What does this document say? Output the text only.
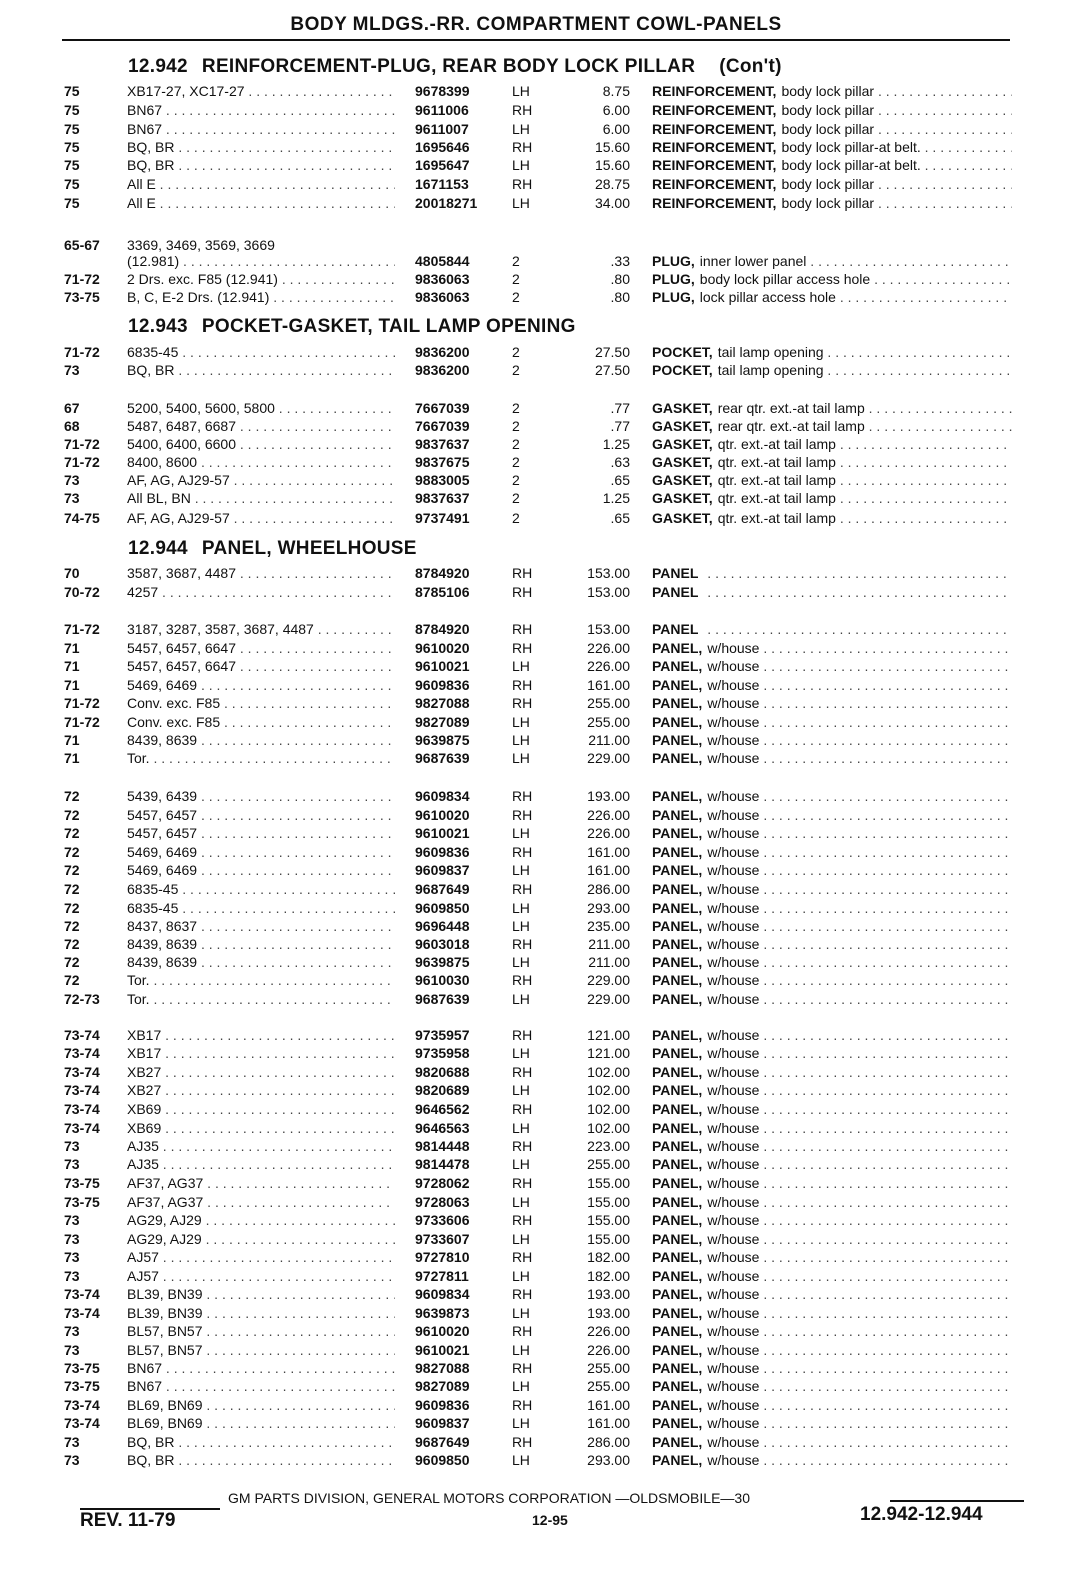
BODY MLDGS.-RR. COMPARTMENT COWL-PANELS
12.942 REINFORCEMENT-PLUG, REAR BODY LOCK PILLAR (Con't)
12.943 POCKET-GASKET, TAIL LAMP OPENING
12.944 PANEL, WHEELHOUSE
75	XB17-27, XC17-27 . . .	9678399	LH	8.75 REINFORCEMENT, body lock pillar . . .
75	BN67 . . .	9611006	RH	6.00 REINFORCEMENT, body lock pillar . . .
75	BN67 . . .	9611007	LH	6.00 REINFORCEMENT, body lock pillar . . .
75	BQ, BR . . .	1695646	RH	15.60 REINFORCEMENT, body lock pillar-at belt. . . .
75	BQ, BR . . .	1695647	LH	15.60 REINFORCEMENT, body lock pillar-at belt. . . .
75	All E . . .	1671153	RH	28.75 REINFORCEMENT, body lock pillar . . .
75	All E . . .	20018271	LH	34.00 REINFORCEMENT, body lock pillar . . .
65-67	3369, 3469, 3569, 3669
(12.981) . . .	4805844	2	.33 PLUG, inner lower panel . . .
71-72	2 Drs. exc. F85 (12.941) . . .	9836063	2	.80 PLUG, body lock pillar access hole . . .
73-75	B, C, E-2 Drs. (12.941) . . .	9836063	2	.80 PLUG, lock pillar access hole . . .
71-72	6835-45 . . .	9836200	2	27.50 POCKET, tail lamp opening . . .
73	BQ, BR . . .	9836200	2	27.50 POCKET, tail lamp opening . . .
67	5200, 5400, 5600, 5800 . . .	7667039	2	.77 GASKET, rear qtr. ext.-at tail lamp . . .
68	5487, 6487, 6687 . . .	7667039	2	.77 GASKET, rear qtr. ext.-at tail lamp . . .
71-72	5400, 6400, 6600 . . .	9837637	2	1.25 GASKET, qtr. ext.-at tail lamp . . .
71-72	8400, 8600 . . .	9837675	2	.63 GASKET, qtr. ext.-at tail lamp . . .
73	AF, AG, AJ29-57 . . .	9883005	2	.65 GASKET, qtr. ext.-at tail lamp . . .
73	All BL, BN . . .	9837637	2	1.25 GASKET, qtr. ext.-at tail lamp . . .
74-75	AF, AG, AJ29-57 . . .	9737491	2	.65 GASKET, qtr. ext.-at tail lamp . . .
70	3587, 3687, 4487 . . .	8784920	RH	153.00 PANEL . . .
70-72	4257 . . .	8785106	RH	153.00 PANEL . . .
71-72	3187, 3287, 3587, 3687, 4487 . . .	8784920	RH	153.00 PANEL . . .
71	5457, 6457, 6647 . . .	9610020	RH	226.00 PANEL, w/house . . .
71	5457, 6457, 6647 . . .	9610021	LH	226.00 PANEL, w/house . . .
71	5469, 6469 . . .	9609836	RH	161.00 PANEL, w/house . . .
71-72	Conv. exc. F85 . . .	9827088	RH	255.00 PANEL, w/house . . .
71-72	Conv. exc. F85 . . .	9827089	LH	255.00 PANEL, w/house . . .
71	8439, 8639 . . .	9639875	LH	211.00 PANEL, w/house . . .
71	Tor. . . .	9687639	LH	229.00 PANEL, w/house . . .
72	5439, 6439 . . .	9609834	RH	193.00 PANEL, w/house . . .
72	5457, 6457 . . .	9610020	RH	226.00 PANEL, w/house . . .
72	5457, 6457 . . .	9610021	LH	226.00 PANEL, w/house . . .
72	5469, 6469 . . .	9609836	RH	161.00 PANEL, w/house . . .
72	5469, 6469 . . .	9609837	LH	161.00 PANEL, w/house . . .
72	6835-45 . . .	9687649	RH	286.00 PANEL, w/house . . .
72	6835-45 . . .	9609850	LH	293.00 PANEL, w/house . . .
72	8437, 8637 . . .	9696448	LH	235.00 PANEL, w/house . . .
72	8439, 8639 . . .	9603018	RH	211.00 PANEL, w/house . . .
72	8439, 8639 . . .	9639875	LH	211.00 PANEL, w/house . . .
72	Tor. . . .	9610030	RH	229.00 PANEL, w/house . . .
72-73	Tor. . . .	9687639	LH	229.00 PANEL, w/house . . .
73-74	XB17 . . .	9735957	RH	121.00 PANEL, w/house . . .
73-74	XB17 . . .	9735958	LH	121.00 PANEL, w/house . . .
73-74	XB27 . . .	9820688	RH	102.00 PANEL, w/house . . .
73-74	XB27 . . .	9820689	LH	102.00 PANEL, w/house . . .
73-74	XB69 . . .	9646562	RH	102.00 PANEL, w/house . . .
73-74	XB69 . . .	9646563	LH	102.00 PANEL, w/house . . .
73	AJ35 . . .	9814448	RH	223.00 PANEL, w/house . . .
73	AJ35 . . .	9814478	LH	255.00 PANEL, w/house . . .
73-75	AF37, AG37 . . .	9728062	RH	155.00 PANEL, w/house . . .
73-75	AF37, AG37 . . .	9728063	LH	155.00 PANEL, w/house . . .
73	AG29, AJ29 . . .	9733606	RH	155.00 PANEL, w/house . . .
73	AG29, AJ29 . . .	9733607	LH	155.00 PANEL, w/house . . .
73	AJ57 . . .	9727810	RH	182.00 PANEL, w/house . . .
73	AJ57 . . .	9727811	LH	182.00 PANEL, w/house . . .
73-74	BL39, BN39 . . .	9609834	RH	193.00 PANEL, w/house . . .
73-74	BL39, BN39 . . .	9639873	LH	193.00 PANEL, w/house . . .
73	BL57, BN57 . . .	9610020	RH	226.00 PANEL, w/house . . .
73	BL57, BN57 . . .	9610021	LH	226.00 PANEL, w/house . . .
73-75	BN67 . . .	9827088	RH	255.00 PANEL, w/house . . .
73-75	BN67 . . .	9827089	LH	255.00 PANEL, w/house . . .
73-74	BL69, BN69 . . .	9609836	RH	161.00 PANEL, w/house . . .
73-74	BL69, BN69 . . .	9609837	LH	161.00 PANEL, w/house . . .
73	BQ, BR . . .	9687649	RH	286.00 PANEL, w/house . . .
73	BQ, BR . . .	9609850	LH	293.00 PANEL, w/house . . .
GM PARTS DIVISION, GENERAL MOTORS CORPORATION —OLDSMOBILE—30
REV. 11-79	12-95	12.942-12.944
